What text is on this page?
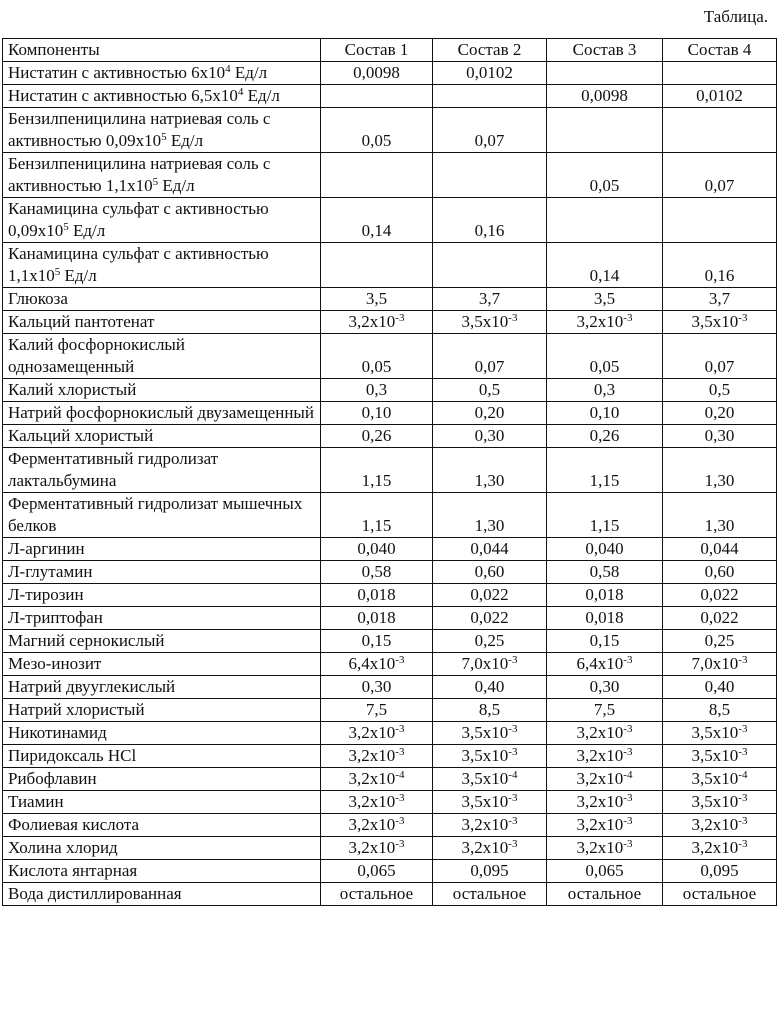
Таблица.
Компоненты	Состав 1	Состав 2	Состав 3	Состав 4
Нистатин с активностью $6х10^4$ Ед/л	0,0098	0,0102		
Нистатин с активностью $6,5х10^4$ Ед/л			0,0098	0,0102
Бензилпеницилина натриевая соль с активностью $0,09х10^5$ Ед/л	0,05	0,07		
Бензилпеницилина натриевая соль с активностью $1,1х10^5$ Ед/л			0,05	0,07
Канамицина сульфат с активностью $0,09х10^5$ Ед/л	0,14	0,16		
Канамицина сульфат с активностью $1,1х10^5$ Ед/л			0,14	0,16
Глюкоза	3,5	3,7	3,5	3,7
Кальций пантотенат	$3,2х10^{-3}$	$3,5х10^{-3}$	$3,2х10^{-3}$	$3,5х10^{-3}$
Калий фосфорнокислый однозамещенный	0,05	0,07	0,05	0,07
Калий хлористый	0,3	0,5	0,3	0,5
Натрий фосфорнокислый двузамещенный	0,10	0,20	0,10	0,20
Кальций хлористый	0,26	0,30	0,26	0,30
Ферментативный гидролизат лактальбумина	1,15	1,30	1,15	1,30
Ферментативный гидролизат мышечных белков	1,15	1,30	1,15	1,30
Л-аргинин	0,040	0,044	0,040	0,044
Л-глутамин	0,58	0,60	0,58	0,60
Л-тирозин	0,018	0,022	0,018	0,022
Л-триптофан	0,018	0,022	0,018	0,022
Магний сернокислый	0,15	0,25	0,15	0,25
Мезо-инозит	$6,4х10^{-3}$	$7,0х10^{-3}$	$6,4х10^{-3}$	$7,0х10^{-3}$
Натрий двууглекислый	0,30	0,40	0,30	0,40
Натрий хлористый	7,5	8,5	7,5	8,5
Никотинамид	$3,2х10^{-3}$	$3,5х10^{-3}$	$3,2х10^{-3}$	$3,5х10^{-3}$
Пиридоксаль HCl	$3,2х10^{-3}$	$3,5х10^{-3}$	$3,2х10^{-3}$	$3,5х10^{-3}$
Рибофлавин	$3,2х10^{-4}$	$3,5х10^{-4}$	$3,2х10^{-4}$	$3,5х10^{-4}$
Тиамин	$3,2х10^{-3}$	$3,5х10^{-3}$	$3,2х10^{-3}$	$3,5х10^{-3}$
Фолиевая кислота	$3,2х10^{-3}$	$3,2х10^{-3}$	$3,2х10^{-3}$	$3,2х10^{-3}$
Холина хлорид	$3,2х10^{-3}$	$3,2х10^{-3}$	$3,2х10^{-3}$	$3,2х10^{-3}$
Кислота янтарная	0,065	0,095	0,065	0,095
Вода дистиллированная	остальное	остальное	остальное	остальное
